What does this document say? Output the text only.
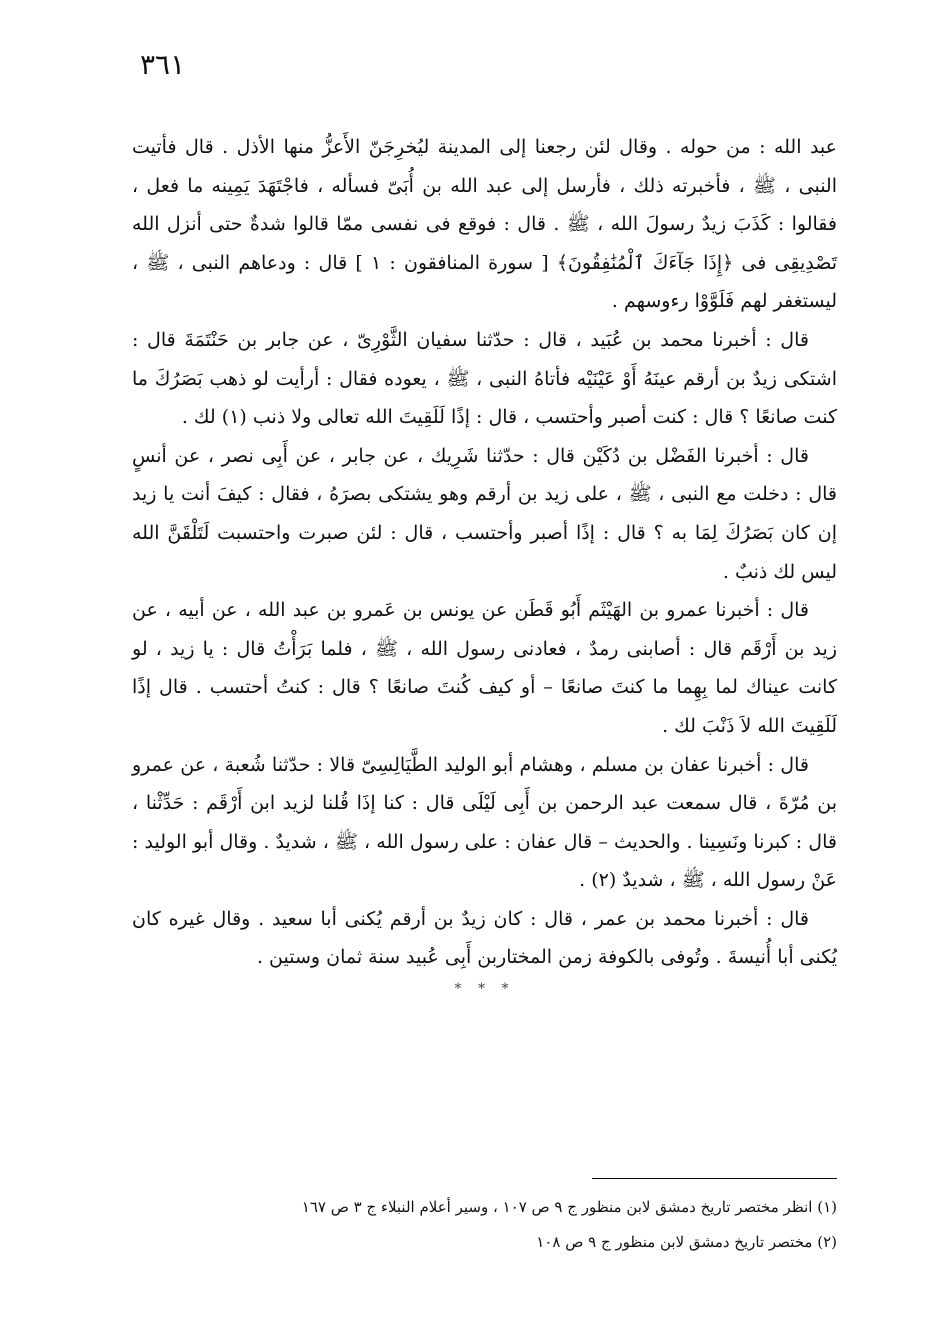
٣٦١

عبد الله : من حوله . وقال لئن رجعنا إلى المدينة ليُخرِجَنّ الأَعزُّ منها الأذل . قال فأتيت النبى ، ﷺ ، فأخبرته ذلك ، فأرسل إلى عبد الله بن أُبَىّ فسأله ، فاجْتَهَدَ يَمِينه ما فعل ، فقالوا : كَذَبَ زيدٌ رسولَ الله ، ﷺ . قال : فوقع فى نفسى ممّا قالوا شدةٌ حتى أنزل الله تَصْدِيقِى فى ﴿إِذَا جَآءَكَ ٱلْمُنَٰفِقُونَ﴾ [ سورة المنافقون : ١ ] قال : ودعاهم النبى ، ﷺ ، ليستغفر لهم فَلَوَّوْا رءوسهم .

قال : أخبرنا محمد بن عُبَيد ، قال : حدّثنا سفيان الثَّوْرِىّ ، عن جابر بن حَنْتَمَةَ قال : اشتكى زيدٌ بن أرقم عينَهُ أَوْ عَيْنَيْه فأتاهُ النبى ، ﷺ ، يعوده فقال : أرأيت لو ذهب بَصَرُكَ ما كنت صانعًا ؟ قال : كنت أصبر وأحتسب ، قال : إذًا لَلَقِيتَ الله تعالى ولا ذنب (١) لك .

قال : أخبرنا الفَضْل بن دُكَيْن قال : حدّثنا شَرِيك ، عن جابر ، عن أَبِى نصر ، عن أنسٍ قال : دخلت مع النبى ، ﷺ ، على زيد بن أرقم وهو يشتكى بصرَهُ ، فقال : كيفَ أنت يا زيد إن كان بَصَرُكَ لِمَا به ؟ قال : إذًا أصبر وأحتسب ، قال : لئن صبرت واحتسبت لَتَلْقَنَّ الله ليس لك ذنبٌ .

قال : أخبرنا عمرو بن الهَيْثَم أَبُو قَطَن عن يونس بن عَمرو بن عبد الله ، عن أبيه ، عن زيد بن أَرْقَم قال : أصابنى رمدٌ ، فعادنى رسول الله ، ﷺ ، فلما بَرَأْتُ قال : يا زيد ، لو كانت عيناك لما بِهِما ما كنتَ صانعًا – أو كيف كُنتَ صانعًا ؟ قال : كنتُ أحتسب . قال إذًا لَلَقِيتَ الله لاَ ذَنْبَ لك .

قال : أخبرنا عفان بن مسلم ، وهشام أبو الوليد الطَّيَالِسِىّ قالا : حدّثنا شُعبة ، عن عمرو بن مُرّةَ ، قال سمعت عبد الرحمن بن أَبِى لَيْلَى قال : كنا إذَا قُلنا لزيد ابن أَرْقَم : حَدِّثْنا ، قال : كبرنا ونَسِينا . والحديث – قال عفان : على رسول الله ، ﷺ ، شديدٌ . وقال أبو الوليد : عَنْ رسول الله ، ﷺ ، شديدٌ (٢) .

قال : أخبرنا محمد بن عمر ، قال : كان زيدٌ بن أرقم يُكنى أبا سعيد . وقال غيره كان يُكنى أبا أُنيسةَ . وتُوفى بالكوفة زمن المختاربن أَبِى عُبيد سنة ثمان وستين .

* * *

(١) انظر مختصر تاريخ دمشق لابن منظور ج ٩ ص ١٠٧ ، وسير أعلام النبلاء ج ٣ ص ١٦٧

(٢) مختصر تاريخ دمشق لابن منظور ج ٩ ص ١٠٨
